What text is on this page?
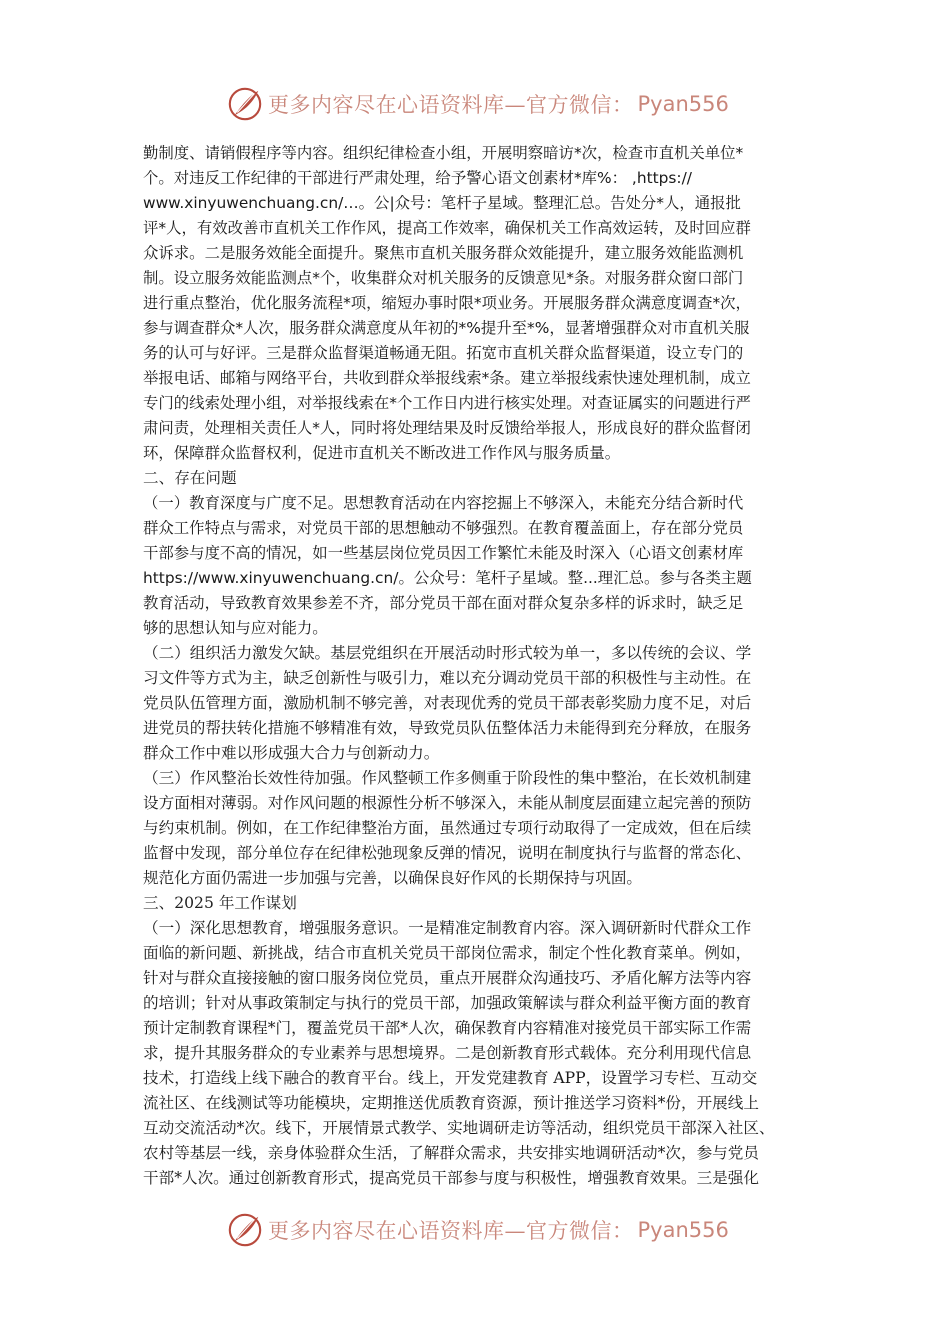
更多内容尽在心语资料库—官方微信： Pyan556
勤制度、请销假程序等内容。组织纪律检查小组，开展明察暗访*次，检查市直机关单位*
个。对违反工作纪律的干部进行严肃处理，给予警心语文创素材*库%： ,https://
www.xinyuwenchuang.cn/…。公|众号：笔杆子星域。整理汇总。告处分*人，通报批
评*人，有效改善市直机关工作作风，提高工作效率，确保机关工作高效运转，及时回应群
众诉求。二是服务效能全面提升。聚焦市直机关服务群众效能提升，建立服务效能监测机
制。设立服务效能监测点*个，收集群众对机关服务的反馈意见*条。对服务群众窗口部门
进行重点整治，优化服务流程*项，缩短办事时限*项业务。开展服务群众满意度调查*次，
参与调查群众*人次，服务群众满意度从年初的*%提升至*%，显著增强群众对市直机关服
务的认可与好评。三是群众监督渠道畅通无阻。拓宽市直机关群众监督渠道，设立专门的
举报电话、邮箱与网络平台，共收到群众举报线索*条。建立举报线索快速处理机制，成立
专门的线索处理小组，对举报线索在*个工作日内进行核实处理。对查证属实的问题进行严
肃问责，处理相关责任人*人，同时将处理结果及时反馈给举报人，形成良好的群众监督闭
环，保障群众监督权利，促进市直机关不断改进工作作风与服务质量。
二、存在问题
（一）教育深度与广度不足。思想教育活动在内容挖掘上不够深入，未能充分结合新时代
群众工作特点与需求，对党员干部的思想触动不够强烈。在教育覆盖面上，存在部分党员
干部参与度不高的情况，如一些基层岗位党员因工作繁忙未能及时深入（心语文创素材库
https://www.xinyuwenchuang.cn/。公众号：笔杆子星域。整...理汇总。参与各类主题
教育活动，导致教育效果参差不齐，部分党员干部在面对群众复杂多样的诉求时，缺乏足
够的思想认知与应对能力。
（二）组织活力激发欠缺。基层党组织在开展活动时形式较为单一，多以传统的会议、学
习文件等方式为主，缺乏创新性与吸引力，难以充分调动党员干部的积极性与主动性。在
党员队伍管理方面，激励机制不够完善，对表现优秀的党员干部表彰奖励力度不足，对后
进党员的帮扶转化措施不够精准有效，导致党员队伍整体活力未能得到充分释放，在服务
群众工作中难以形成强大合力与创新动力。
（三）作风整治长效性待加强。作风整顿工作多侧重于阶段性的集中整治，在长效机制建
设方面相对薄弱。对作风问题的根源性分析不够深入，未能从制度层面建立起完善的预防
与约束机制。例如，在工作纪律整治方面，虽然通过专项行动取得了一定成效，但在后续
监督中发现，部分单位存在纪律松弛现象反弹的情况，说明在制度执行与监督的常态化、
规范化方面仍需进一步加强与完善，以确保良好作风的长期保持与巩固。
三、2025 年工作谋划
（一）深化思想教育，增强服务意识。一是精准定制教育内容。深入调研新时代群众工作
面临的新问题、新挑战，结合市直机关党员干部岗位需求，制定个性化教育菜单。例如，
针对与群众直接接触的窗口服务岗位党员，重点开展群众沟通技巧、矛盾化解方法等内容
的培训；针对从事政策制定与执行的党员干部，加强政策解读与群众利益平衡方面的教育
预计定制教育课程*门，覆盖党员干部*人次，确保教育内容精准对接党员干部实际工作需
求，提升其服务群众的专业素养与思想境界。二是创新教育形式载体。充分利用现代信息
技术，打造线上线下融合的教育平台。线上，开发党建教育 APP，设置学习专栏、互动交
流社区、在线测试等功能模块，定期推送优质教育资源，预计推送学习资料*份，开展线上
互动交流活动*次。线下，开展情景式教学、实地调研走访等活动，组织党员干部深入社区、
农村等基层一线，亲身体验群众生活，了解群众需求，共安排实地调研活动*次，参与党员
干部*人次。通过创新教育形式，提高党员干部参与度与积极性，增强教育效果。三是强化
更多内容尽在心语资料库—官方微信： Pyan556
